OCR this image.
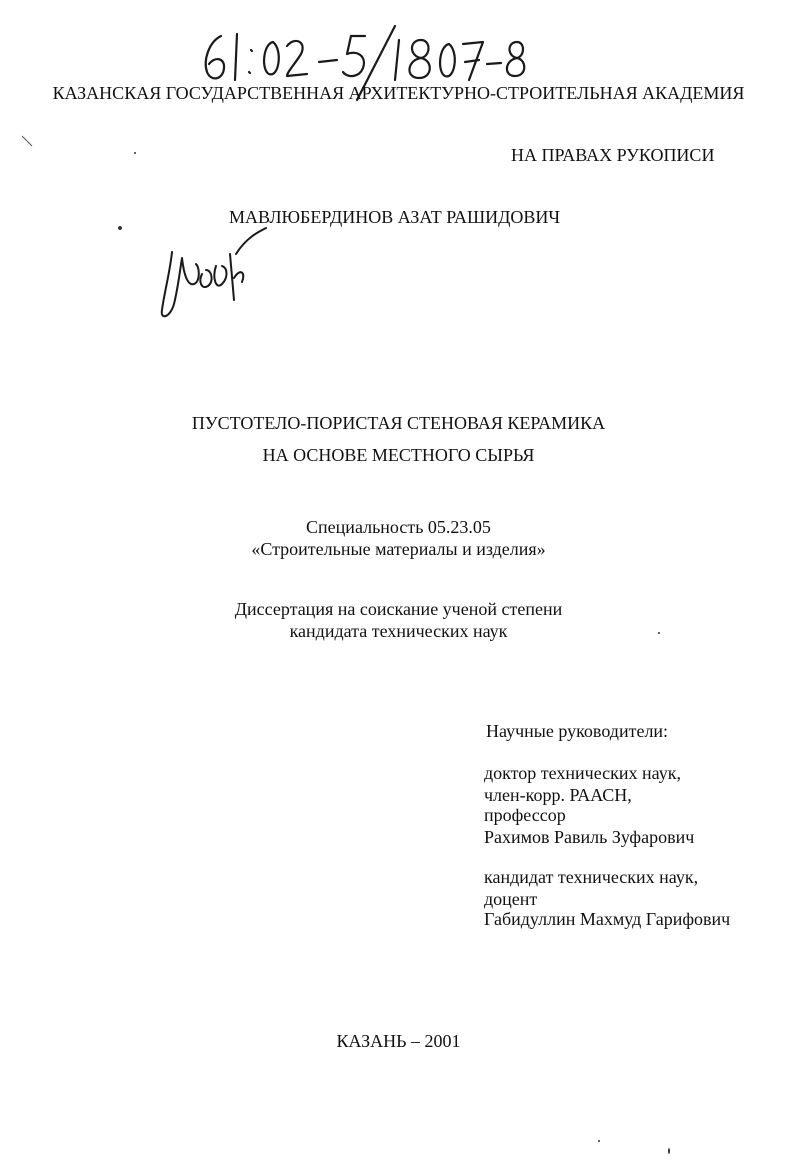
КАЗАНСКАЯ ГОСУДАРСТВЕННАЯ АРХИТЕКТУРНО-СТРОИТЕЛЬНАЯ АКАДЕМИЯ
НА ПРАВАХ РУКОПИСИ
МАВЛЮБЕРДИНОВ АЗАТ РАШИДОВИЧ
ПУСТОТЕЛО-ПОРИСТАЯ СТЕНОВАЯ КЕРАМИКА
НА ОСНОВЕ МЕСТНОГО СЫРЬЯ
Специальность 05.23.05
«Строительные материалы и изделия»
Диссертация на соискание ученой степени
кандидата технических наук
Научные руководители:
доктор технических наук,
член-корр. РААСН,
профессор
Рахимов Равиль Зуфарович
кандидат технических наук,
доцент
Габидуллин Махмуд Гарифович
КАЗАНЬ – 2001
